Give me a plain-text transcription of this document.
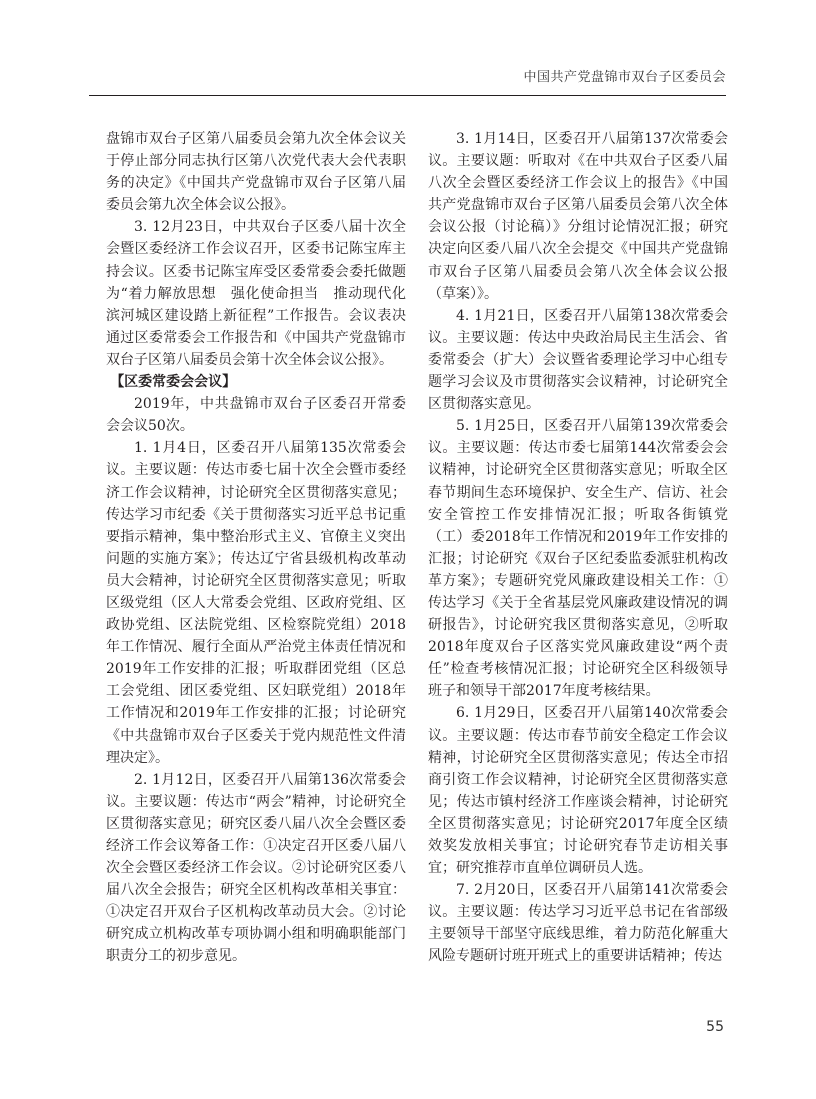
中国共产党盘锦市双台子区委员会

盘锦市双台子区第八届委员会第九次全体会议关于停止部分同志执行区第八次党代表大会代表职务的决定》《中国共产党盘锦市双台子区第八届委员会第九次全体会议公报》。

3. 12月23日，中共双台子区委八届十次全会暨区委经济工作会议召开，区委书记陈宝库主持会议。区委书记陈宝库受区委常委会委托做题为“着力解放思想　强化使命担当　推动现代化滨河城区建设踏上新征程”工作报告。会议表决通过区委常委会工作报告和《中国共产党盘锦市双台子区第八届委员会第十次全体会议公报》。

【区委常委会会议】

2019年，中共盘锦市双台子区委召开常委会会议50次。

1. 1月4日，区委召开八届第135次常委会议。主要议题：传达市委七届十次全会暨市委经济工作会议精神，讨论研究全区贯彻落实意见；传达学习市纪委《关于贯彻落实习近平总书记重要指示精神，集中整治形式主义、官僚主义突出问题的实施方案》；传达辽宁省县级机构改革动员大会精神，讨论研究全区贯彻落实意见；听取区级党组（区人大常委会党组、区政府党组、区政协党组、区法院党组、区检察院党组）2018年工作情况、履行全面从严治党主体责任情况和2019年工作安排的汇报；听取群团党组（区总工会党组、团区委党组、区妇联党组）2018年工作情况和2019年工作安排的汇报；讨论研究《中共盘锦市双台子区委关于党内规范性文件清理决定》。

2. 1月12日，区委召开八届第136次常委会议。主要议题：传达市“两会”精神，讨论研究全区贯彻落实意见；研究区委八届八次全会暨区委经济工作会议筹备工作：①决定召开区委八届八次全会暨区委经济工作会议。②讨论研究区委八届八次全会报告；研究全区机构改革相关事宜：①决定召开双台子区机构改革动员大会。②讨论研究成立机构改革专项协调小组和明确职能部门职责分工的初步意见。

3. 1月14日，区委召开八届第137次常委会议。主要议题：听取对《在中共双台子区委八届八次全会暨区委经济工作会议上的报告》《中国共产党盘锦市双台子区第八届委员会第八次全体会议公报（讨论稿）》分组讨论情况汇报；研究决定向区委八届八次全会提交《中国共产党盘锦市双台子区第八届委员会第八次全体会议公报（草案）》。

4. 1月21日，区委召开八届第138次常委会议。主要议题：传达中央政治局民主生活会、省委常委会（扩大）会议暨省委理论学习中心组专题学习会议及市贯彻落实会议精神，讨论研究全区贯彻落实意见。

5. 1月25日，区委召开八届第139次常委会议。主要议题：传达市委七届第144次常委会会议精神，讨论研究全区贯彻落实意见；听取全区春节期间生态环境保护、安全生产、信访、社会安全管控工作安排情况汇报；听取各街镇党（工）委2018年工作情况和2019年工作安排的汇报；讨论研究《双台子区纪委监委派驻机构改革方案》；专题研究党风廉政建设相关工作：①传达学习《关于全省基层党风廉政建设情况的调研报告》，讨论研究我区贯彻落实意见，②听取2018年度双台子区落实党风廉政建设“两个责任”检查考核情况汇报；讨论研究全区科级领导班子和领导干部2017年度考核结果。

6. 1月29日，区委召开八届第140次常委会议。主要议题：传达市春节前安全稳定工作会议精神，讨论研究全区贯彻落实意见；传达全市招商引资工作会议精神，讨论研究全区贯彻落实意见；传达市镇村经济工作座谈会精神，讨论研究全区贯彻落实意见；讨论研究2017年度全区绩效奖发放相关事宜；讨论研究春节走访相关事宜；研究推荐市直单位调研员人选。

7. 2月20日，区委召开八届第141次常委会议。主要议题：传达学习习近平总书记在省部级主要领导干部坚守底线思维，着力防范化解重大风险专题研讨班开班式上的重要讲话精神；传达

55
